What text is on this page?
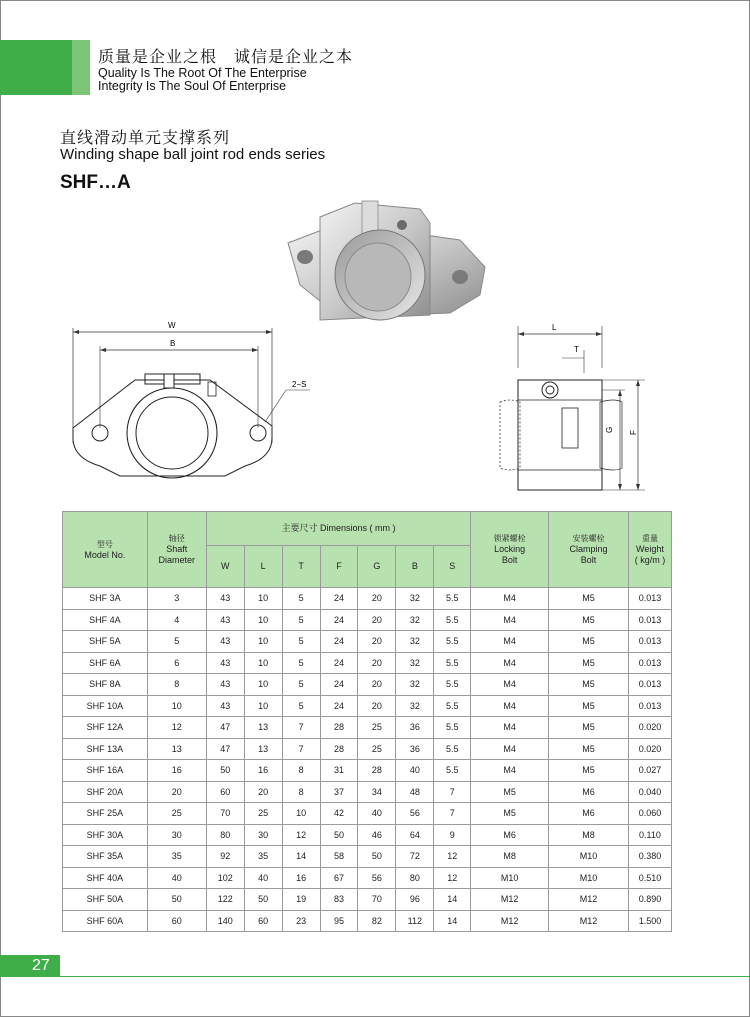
质量是企业之根　诚信是企业之本
Quality Is The Root Of The Enterprise
Integrity Is The Soul Of Enterprise
直线滑动单元支撑系列
Winding shape ball joint rod ends series
SHF…A
W
B
2−S
L
T
G F
型号
Model No.	轴径
Shaft
Diameter	主要尺寸 Dimensions ( mm )							锁紧螺栓
Locking
Bolt	安装螺栓
Clamping
Bolt	重量
Weight
( kg/m )
		W	L	T	F	G	B	S			
SHF 3A	3	43	10	5	24	20	32	5.5	M4	M5	0.013
SHF 4A	4	43	10	5	24	20	32	5.5	M4	M5	0.013
SHF 5A	5	43	10	5	24	20	32	5.5	M4	M5	0.013
SHF 6A	6	43	10	5	24	20	32	5.5	M4	M5	0.013
SHF 8A	8	43	10	5	24	20	32	5.5	M4	M5	0.013
SHF 10A	10	43	10	5	24	20	32	5.5	M4	M5	0.013
SHF 12A	12	47	13	7	28	25	36	5.5	M4	M5	0.020
SHF 13A	13	47	13	7	28	25	36	5.5	M4	M5	0.020
SHF 16A	16	50	16	8	31	28	40	5.5	M4	M5	0.027
SHF 20A	20	60	20	8	37	34	48	7	M5	M6	0.040
SHF 25A	25	70	25	10	42	40	56	7	M5	M6	0.060
SHF 30A	30	80	30	12	50	46	64	9	M6	M8	0.110
SHF 35A	35	92	35	14	58	50	72	12	M8	M10	0.380
SHF 40A	40	102	40	16	67	56	80	12	M10	M10	0.510
SHF 50A	50	122	50	19	83	70	96	14	M12	M12	0.890
SHF 60A	60	140	60	23	95	82	112	14	M12	M12	1.500
27
